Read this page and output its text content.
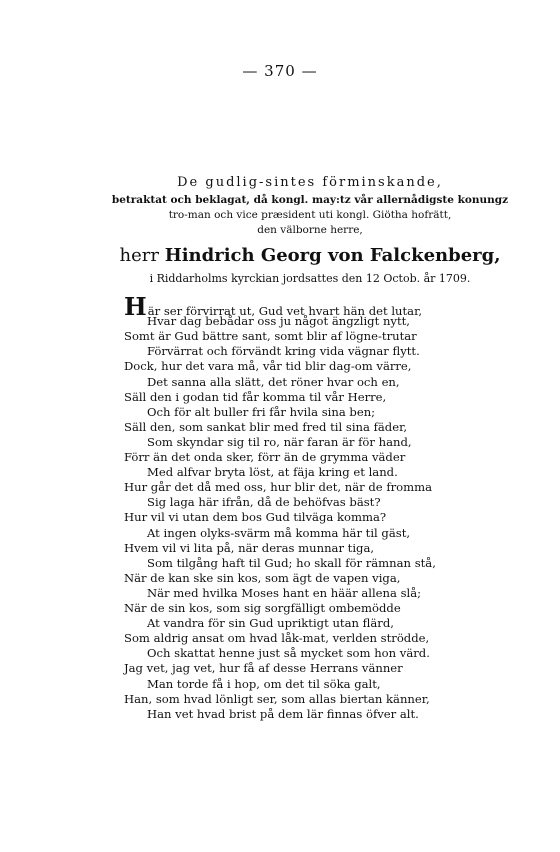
— 370 —
De gudlig-sintes förminskande,
betraktat och beklagat, då kongl. may:tz vår allernådigste konungz
tro-man och vice præsident uti kongl. Giötha hofrätt,
den välborne herre,
herr Hindrich Georg von Falckenberg,
i Riddarholms kyrckian jordsattes den 12 Octob. år 1709.
Här ser förvirrat ut, Gud vet hvart hän det lutar,
Hvar dag bebådar oss ju något ängzligt nytt,
Somt är Gud bättre sant, somt blir af lögne-trutar
Förvärrat och förvändt kring vida vägnar flytt.
Dock, hur det vara må, vår tid blir dag-om värre,
Det sanna alla slätt, det röner hvar och en,
Säll den i godan tid får komma til vår Herre,
Och för alt buller fri får hvila sina ben;
Säll den, som sankat blir med fred til sina fäder,
Som skyndar sig til ro, när faran är för hand,
Förr än det onda sker, förr än de grymma väder
Med alfvar bryta löst, at fäja kring et land.
Hur går det då med oss, hur blir det, när de fromma
Sig laga här ifrån, då de behöfvas bäst?
Hur vil vi utan dem bos Gud tilväga komma?
At ingen olyks-svärm må komma här til gäst,
Hvem vil vi lita på, när deras munnar tiga,
Som tilgång haft til Gud; ho skall för rämnan stå,
När de kan ske sin kos, som ägt de vapen viga,
När med hvilka Moses hant en häär allena slå;
När de sin kos, som sig sorgfälligt ombemödde
At vandra för sin Gud upriktigt utan flärd,
Som aldrig ansat om hvad låk-mat, verlden strödde,
Och skattat henne just så mycket som hon värd.
Jag vet, jag vet, hur få af desse Herrans vänner
Man torde få i hop, om det til söka galt,
Han, som hvad lönligt ser, som allas biertan känner,
Han vet hvad brist på dem lär finnas öfver alt.
